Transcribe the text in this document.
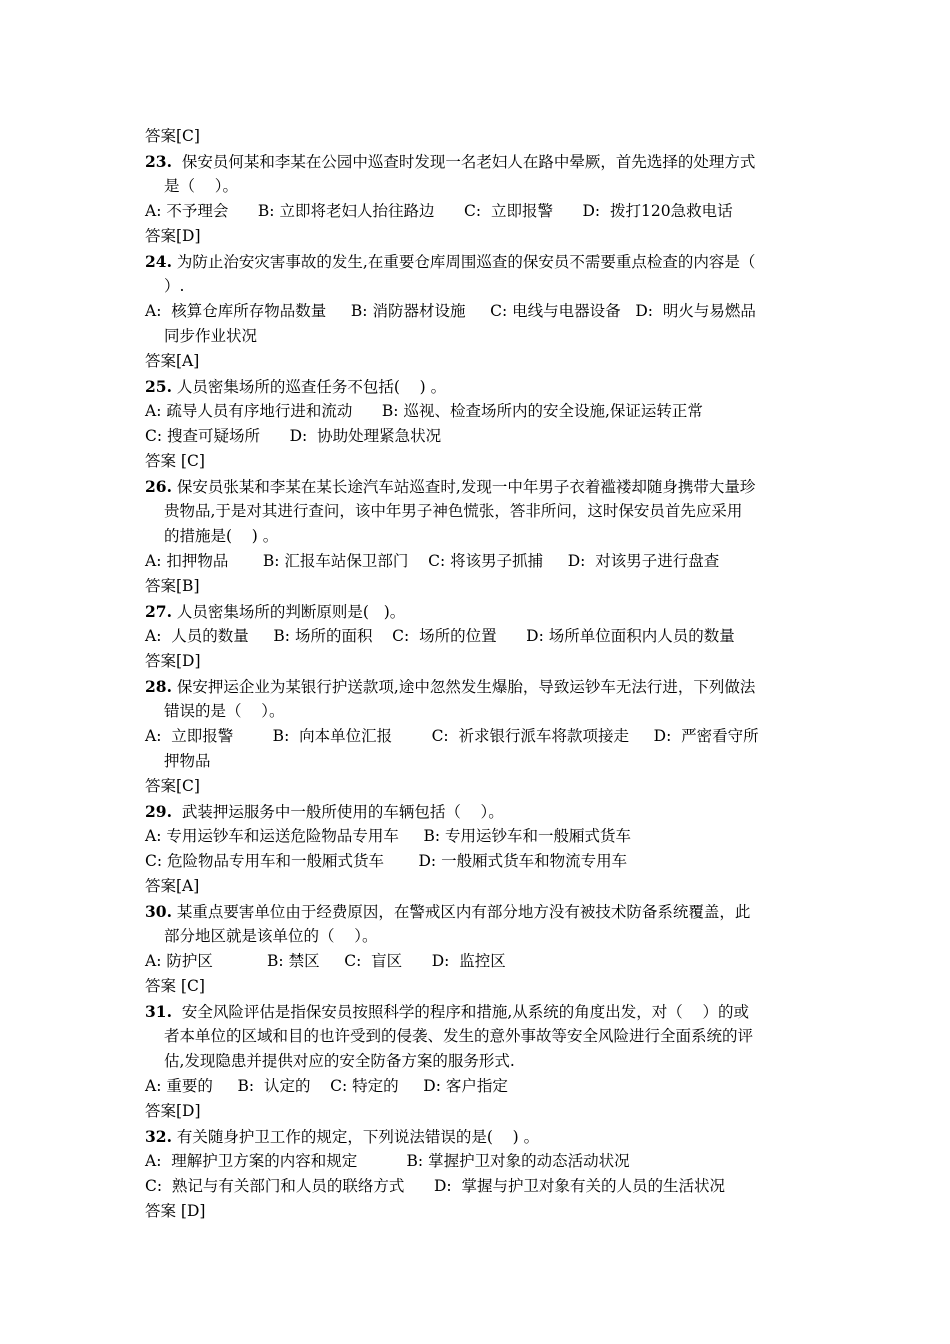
答案[C]
23.  保安员何某和李某在公园中巡查时发现一名老妇人在路中晕厥，首先选择的处理方式
是（    ）。
A: 不予理会      B: 立即将老妇人抬往路边      C:  立即报警      D:  拨打120急救电话
答案[D]
24. 为防止治安灾害事故的发生,在重要仓库周围巡查的保安员不需要重点检查的内容是（
）.
A:  核算仓库所存物品数量     B: 消防器材设施     C: 电线与电器设备   D:  明火与易燃品
同步作业状况
答案[A]
25. 人员密集场所的巡查任务不包括(    ) 。
A: 疏导人员有序地行进和流动      B: 巡视、检查场所内的安全设施,保证运转正常
C: 搜查可疑场所      D:  协助处理紧急状况
答案 [C]
26. 保安员张某和李某在某长途汽车站巡查时,发现一中年男子衣着褴褛却随身携带大量珍
贵物品,于是对其进行查问，该中年男子神色慌张，答非所问，这时保安员首先应采用
的措施是(    ) 。
A: 扣押物品       B: 汇报车站保卫部门    C: 将该男子抓捕     D:  对该男子进行盘查
答案[B]
27. 人员密集场所的判断原则是(   )。
A:  人员的数量     B: 场所的面积    C:  场所的位置      D: 场所单位面积内人员的数量
答案[D]
28. 保安押运企业为某银行护送款项,途中忽然发生爆胎，导致运钞车无法行进，下列做法
错误的是（    ）。
A:  立即报警        B:  向本单位汇报        C:  祈求银行派车将款项接走     D:  严密看守所
押物品
答案[C]
29.  武装押运服务中一般所使用的车辆包括（    ）。
A: 专用运钞车和运送危险物品专用车     B: 专用运钞车和一般厢式货车
C: 危险物品专用车和一般厢式货车       D: 一般厢式货车和物流专用车
答案[A]
30. 某重点要害单位由于经费原因，在警戒区内有部分地方没有被技术防备系统覆盖，此
部分地区就是该单位的（    ）。
A: 防护区           B: 禁区     C:  盲区      D:  监控区
答案 [C]
31.  安全风险评估是指保安员按照科学的程序和措施,从系统的角度出发，对（    ）的或
者本单位的区域和目的也许受到的侵袭、发生的意外事故等安全风险进行全面系统的评
估,发现隐患并提供对应的安全防备方案的服务形式.
A: 重要的     B:  认定的    C: 特定的     D: 客户指定
答案[D]
32. 有关随身护卫工作的规定，下列说法错误的是(    ) 。
A:  理解护卫方案的内容和规定          B: 掌握护卫对象的动态活动状况
C:  熟记与有关部门和人员的联络方式      D:  掌握与护卫对象有关的人员的生活状况
答案 [D]
